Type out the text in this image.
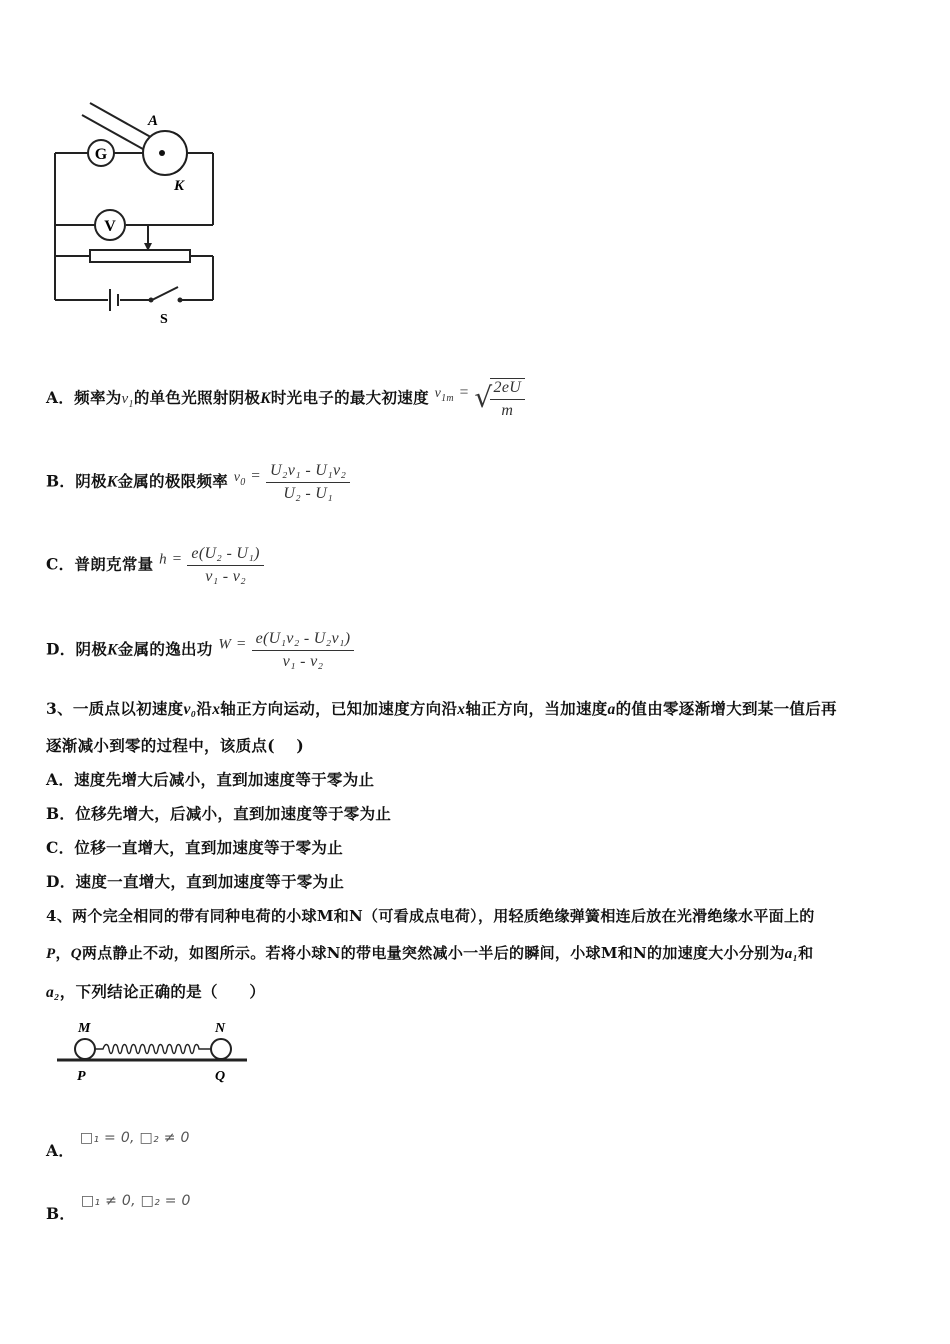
G
V
A
K
S
A．频率为$\nu_1$的单色光照射阴极K时光电子的最大初速度 $v_{1m}$ = √
$\frac{2eU}{m}$
B．阴极K金属的极限频率 $\nu_0 = \frac{\text{U₂ν₁ - U₁ν₂}}{\text{U₂ - U₁}}$
C．普朗克常量 $h = \frac{\text{e(U₂ - U₁)}}{\text{ν₁ - ν₂}}$
D．阴极K金属的逸出功 $W = \frac{\text{e(U₁ν₂ - U₂ν₁)}}{\text{ν₁ - ν₂}}$
3、一质点以初速度v₀沿x轴正方向运动，已知加速度方向沿x轴正方向，当加速度a的值由零逐渐增大到某一值后再
逐渐减小到零的过程中，该质点(　 )
A．速度先增大后减小，直到加速度等于零为止
B．位移先增大，后减小，直到加速度等于零为止
C．位移一直增大，直到加速度等于零为止
D．速度一直增大，直到加速度等于零为止
4、两个完全相同的带有同种电荷的小球M和N（可看成点电荷），用轻质绝缘弹簧相连后放在光滑绝缘水平面上的
P，Q两点静止不动，如图所示。若将小球N的带电量突然减小一半后的瞬间，小球M和N的加速度大小分别为a₁和
a₂，下列结论正确的是（　　）
M	N
P	Q
A． □₁ = 0, □₂ ≠ 0
B． □₁ ≠ 0, □₂ = 0
